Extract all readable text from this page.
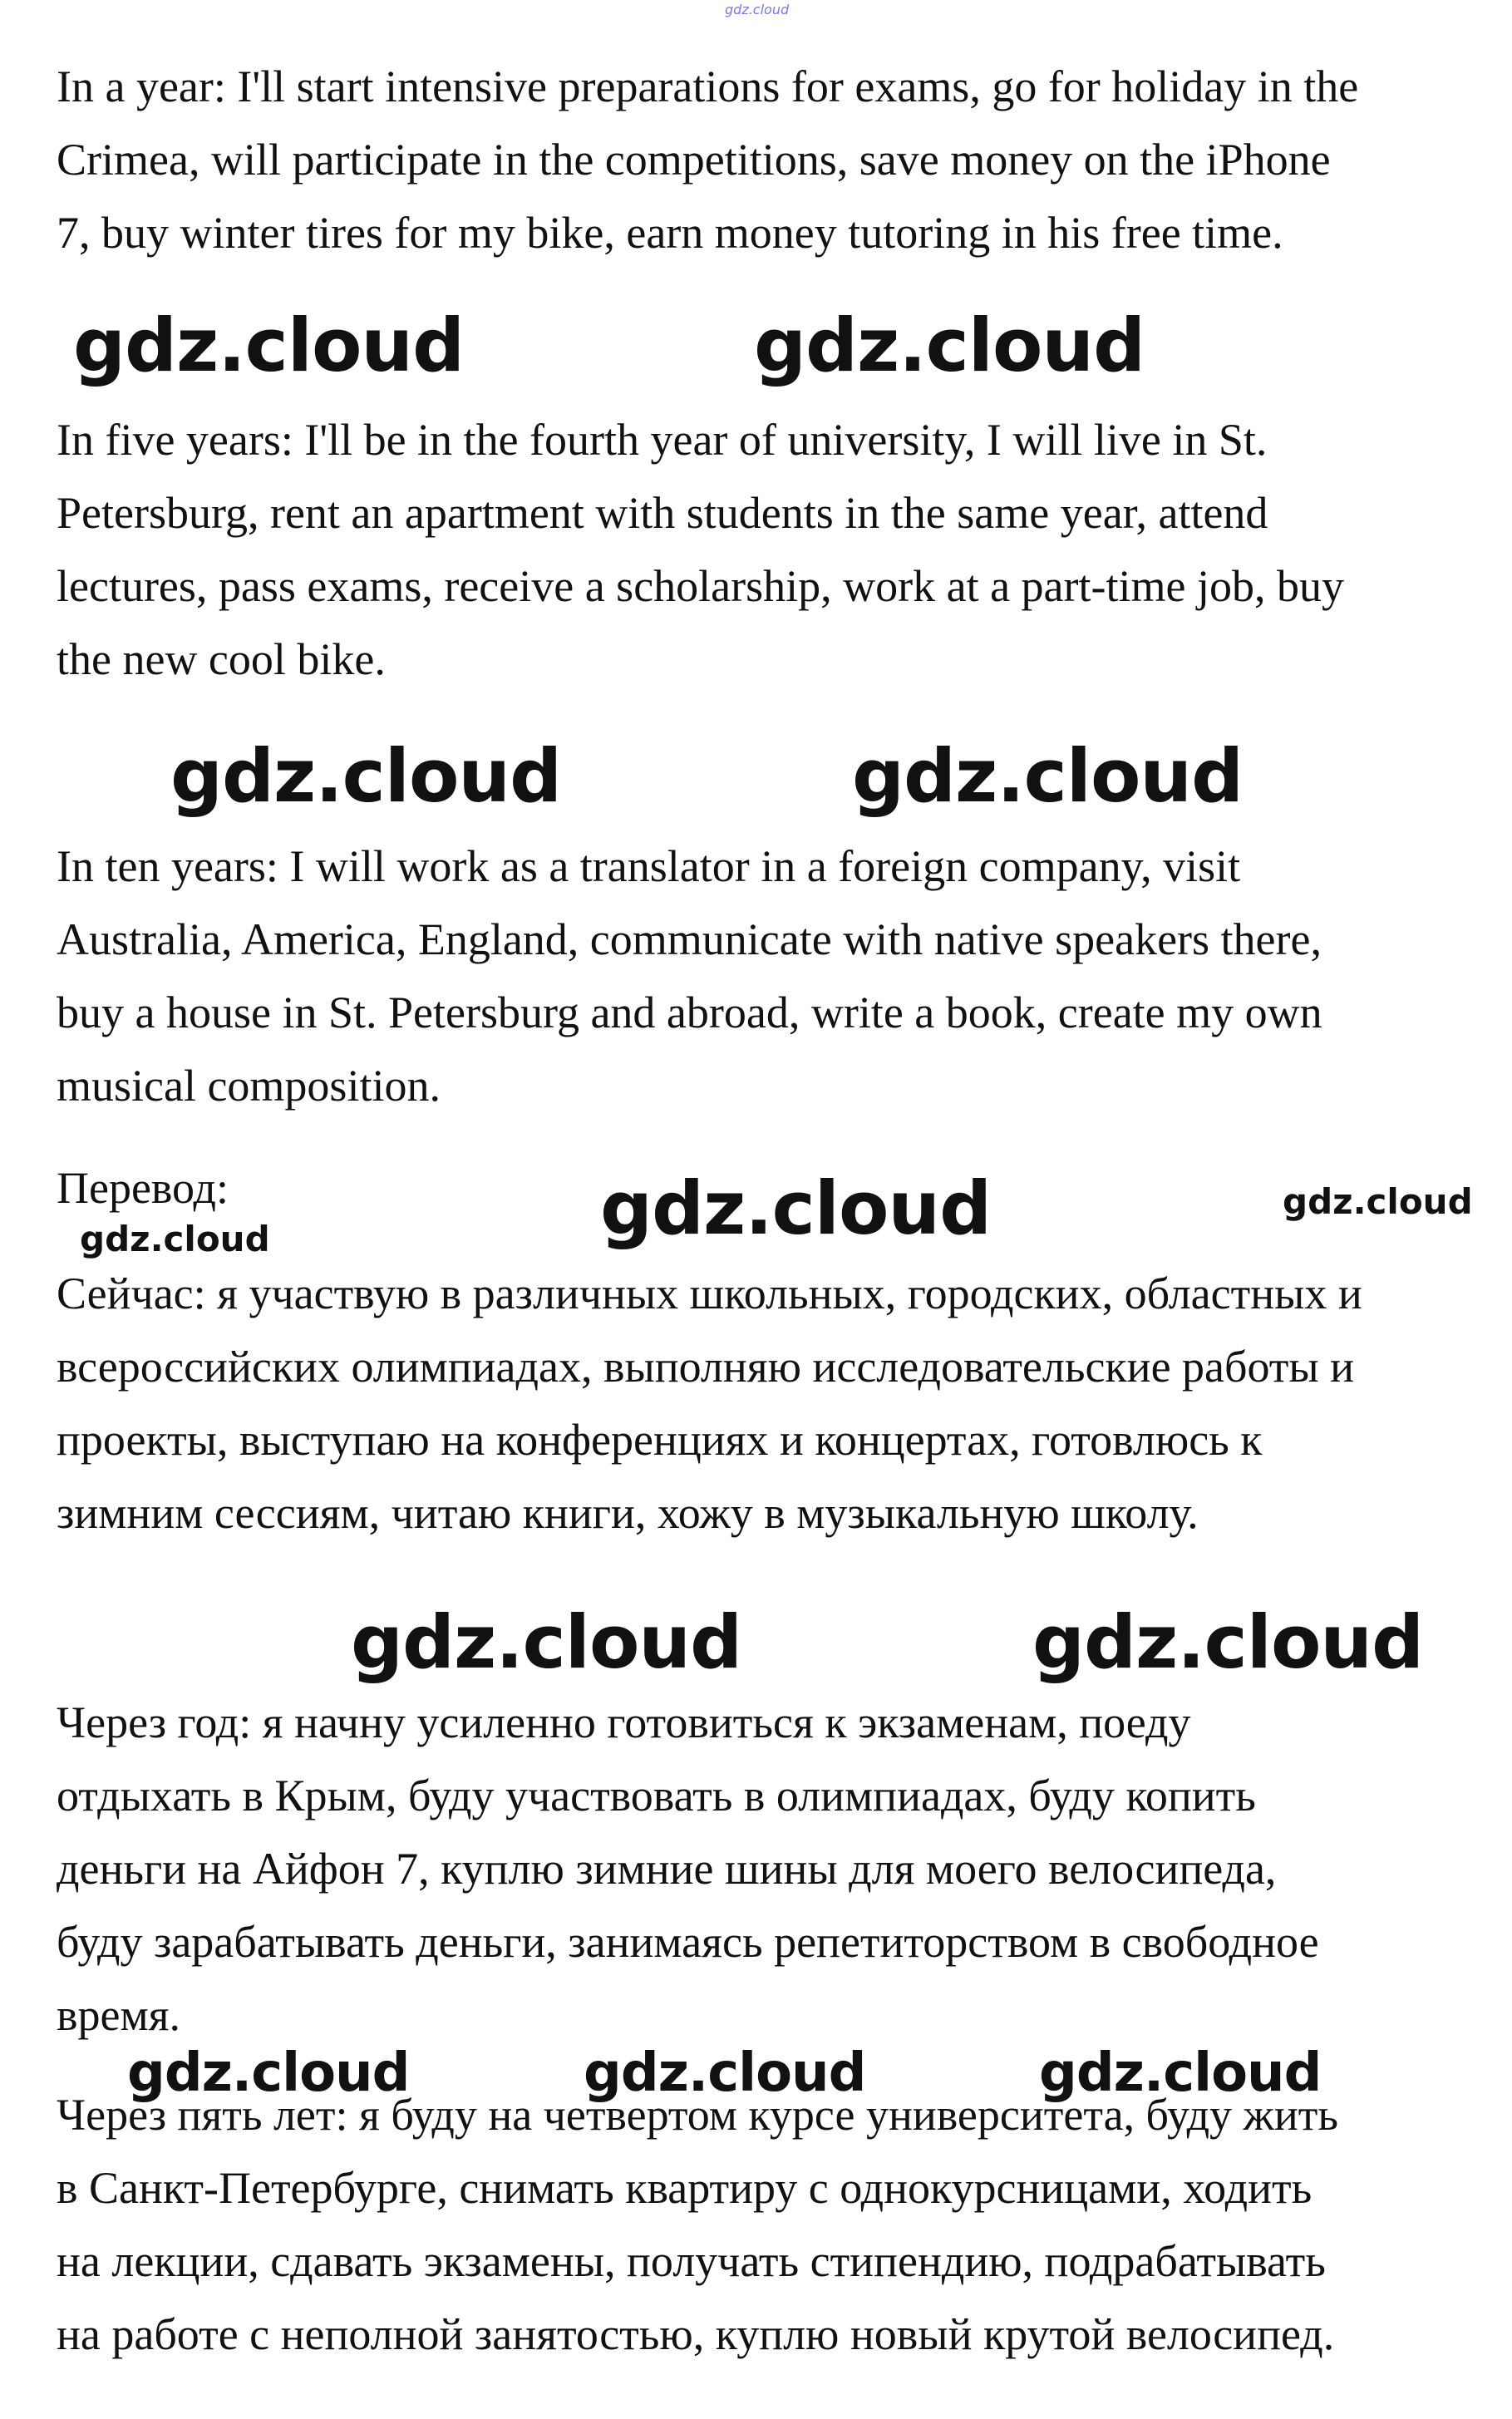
gdz.cloud
In a year: I'll start intensive preparations for exams, go for holiday in the
Crimea, will participate in the competitions, save money on the iPhone
7, buy winter tires for my bike, earn money tutoring in his free time.
gdz.cloud	gdz.cloud
In five years: I'll be in the fourth year of university, I will live in St.
Petersburg, rent an apartment with students in the same year, attend
lectures, pass exams, receive a scholarship, work at a part-time job, buy
the new cool bike.
gdz.cloud	gdz.cloud
In ten years: I will work as a translator in a foreign company, visit
Australia, America, England, communicate with native speakers there,
buy a house in St. Petersburg and abroad, write a book, create my own
musical composition.
Перевод:
gdz.cloud	gdz.cloud	gdz.cloud
Сейчас: я участвую в различных школьных, городских, областных и
всероссийских олимпиадах, выполняю исследовательские работы и
проекты, выступаю на конференциях и концертах, готовлюсь к
зимним сессиям, читаю книги, хожу в музыкальную школу.
gdz.cloud	gdz.cloud
Через год: я начну усиленно готовиться к экзаменам, поеду
отдыхать в Крым, буду участвовать в олимпиадах, буду копить
деньги на Айфон 7, куплю зимние шины для моего велосипеда,
буду зарабатывать деньги, занимаясь репетиторством в свободное
время.
gdz.cloud	gdz.cloud	gdz.cloud
Через пять лет: я буду на четвертом курсе университета, буду жить
в Санкт-Петербурге, снимать квартиру с однокурсницами, ходить
на лекции, сдавать экзамены, получать стипендию, подрабатывать
на работе с неполной занятостью, куплю новый крутой велосипед.
